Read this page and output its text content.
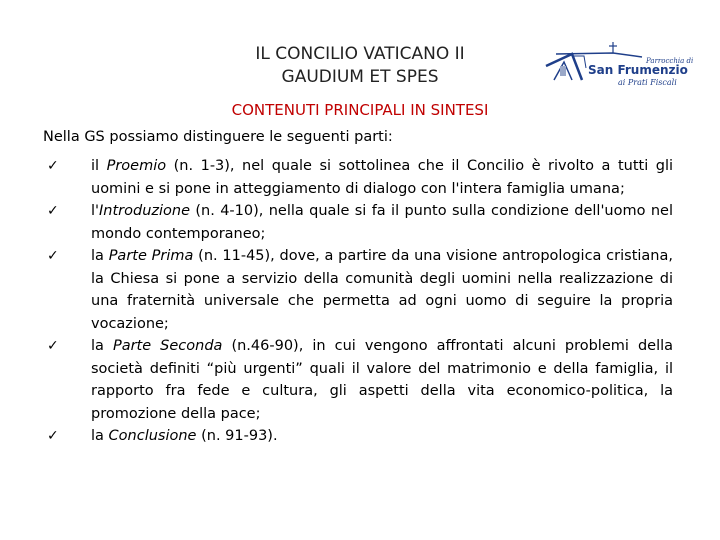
IL CONCILIO VATICANO II
GAUDIUM ET SPES
Parrocchia di
San Frumenzio
ai Prati Fiscali
CONTENUTI PRINCIPALI IN SINTESI
Nella GS possiamo distinguere le seguenti parti:
✓ il Proemio (n. 1-3), nel quale si sottolinea che il Concilio è rivolto a tutti gli uomini e si pone in atteggiamento di dialogo con l'intera famiglia umana;
✓ l'Introduzione (n. 4-10), nella quale si fa il punto sulla condizione dell'uomo nel mondo contemporaneo;
✓ la Parte Prima (n. 11-45), dove, a partire da una visione antropologica cristiana, la Chiesa si pone a servizio della comunità degli uomini nella realizzazione di una fraternità universale che permetta ad ogni uomo di seguire la propria vocazione;
✓ la Parte Seconda (n.46-90), in cui vengono affrontati alcuni problemi della società definiti “più urgenti” quali il valore del matrimonio e della famiglia, il rapporto fra fede e cultura, gli aspetti della vita economico-politica, la promozione della pace;
✓ la Conclusione (n. 91-93).
